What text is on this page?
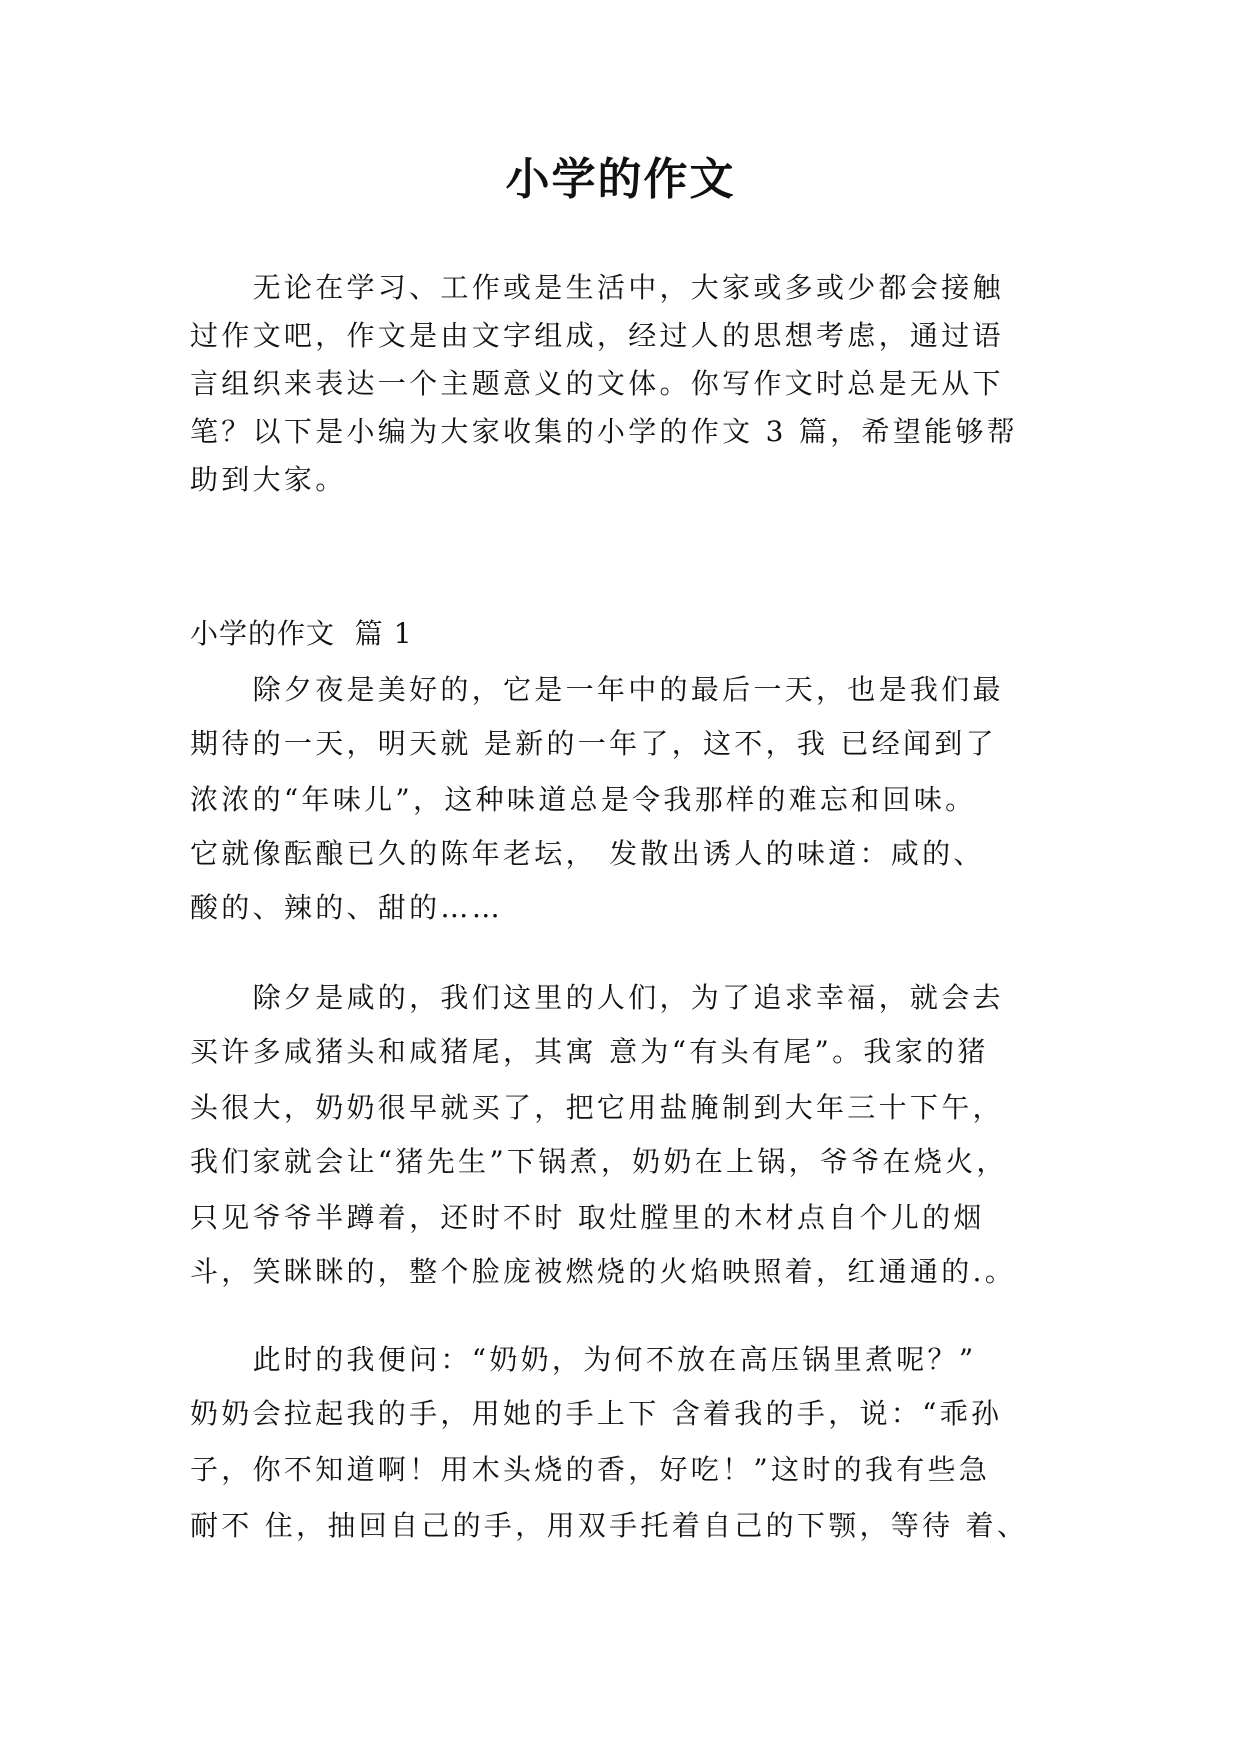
小学的作文
　　无论在学习、工作或是生活中，大家或多或少都会接触
过作文吧，作文是由文字组成，经过人的思想考虑，通过语
言组织来表达一个主题意义的文体。你写作文时总是无从下
笔？以下是小编为大家收集的小学的作文 3 篇，希望能够帮
助到大家。
小学的作文  篇 1
　　除夕夜是美好的，它是一年中的最后一天，也是我们最
期待的一天，明天就 是新的一年了，这不，我 已经闻到了
浓浓的“年味儿”，这种味道总是令我那样的难忘和回味。
它就像酝酿已久的陈年老坛， 发散出诱人的味道：咸的、
酸的、辣的、甜的……
　　除夕是咸的，我们这里的人们，为了追求幸福，就会去
买许多咸猪头和咸猪尾，其寓 意为“有头有尾”。我家的猪
头很大，奶奶很早就买了，把它用盐腌制到大年三十下午，
我们家就会让“猪先生”下锅煮，奶奶在上锅，爷爷在烧火，
只见爷爷半蹲着，还时不时 取灶膛里的木材点自个儿的烟
斗，笑眯眯的，整个脸庞被燃烧的火焰映照着，红通通的.。
　　此时的我便问：“奶奶，为何不放在高压锅里煮呢？”
奶奶会拉起我的手，用她的手上下 含着我的手，说：“乖孙
子，你不知道啊！用木头烧的香，好吃！”这时的我有些急
耐不 住，抽回自己的手，用双手托着自己的下颚，等待 着、
